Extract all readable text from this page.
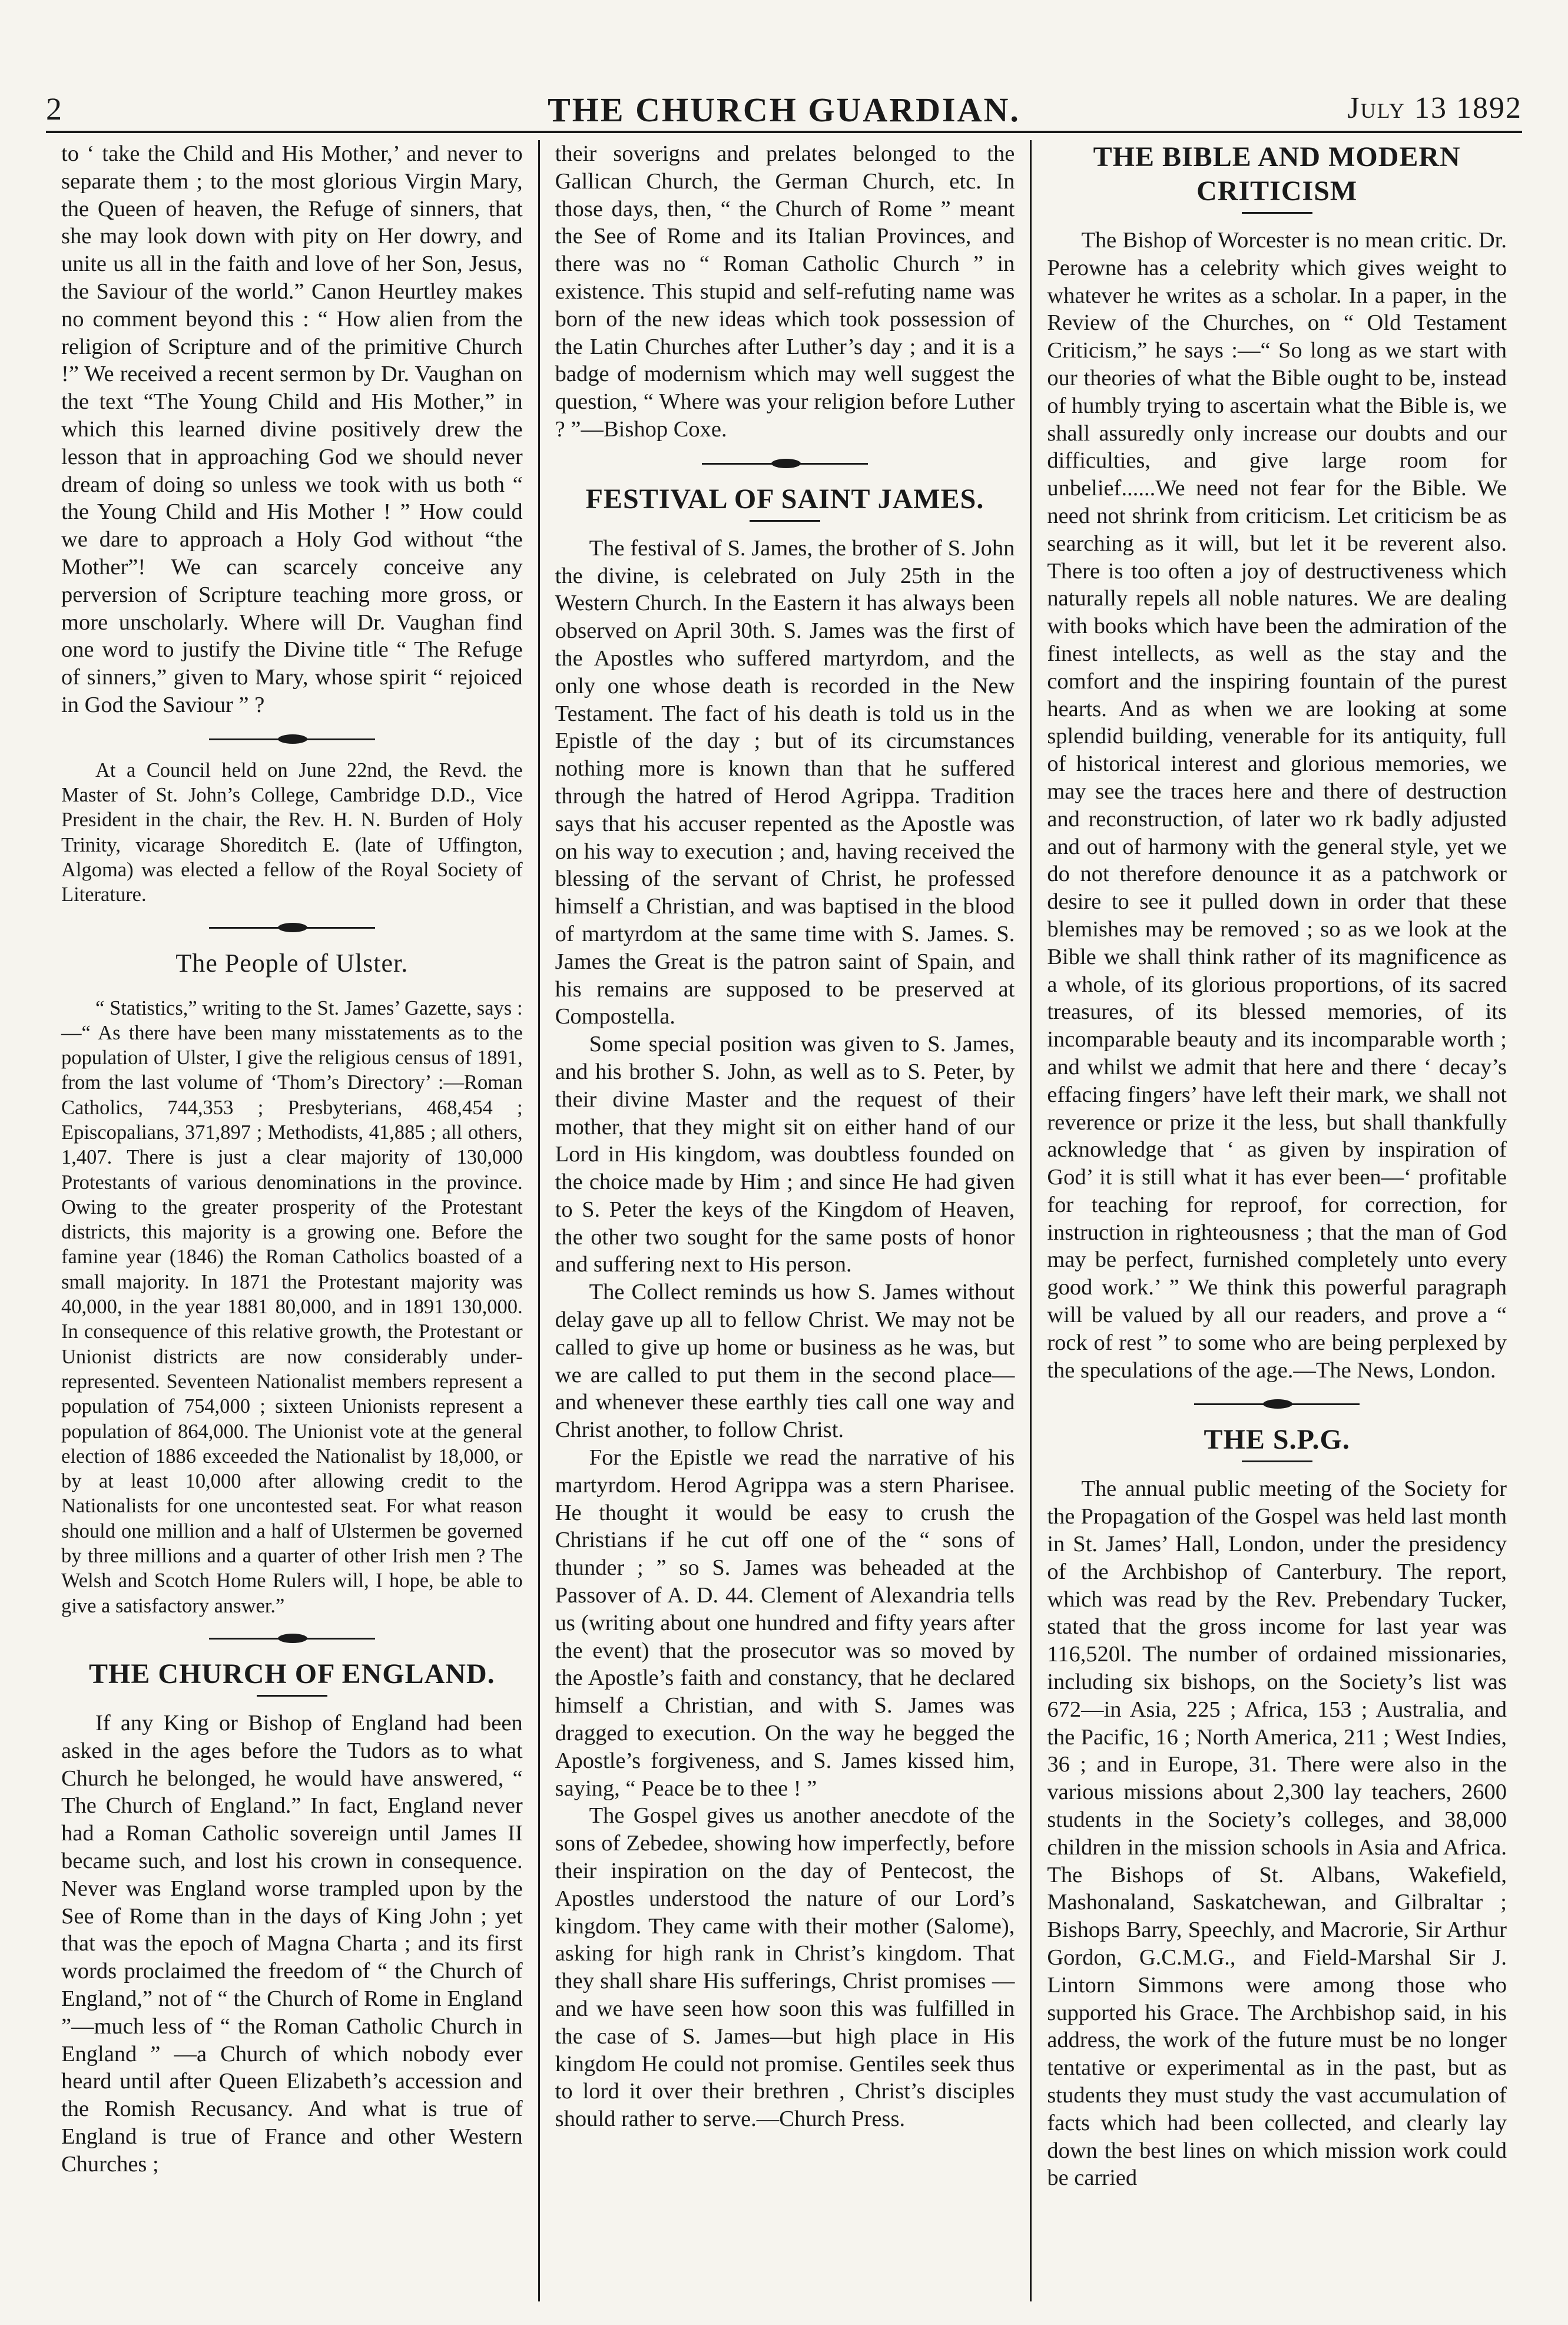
2	THE CHURCH GUARDIAN.	July 13 1892

to ‘ take the Child and His Mother,’ and never to separate them ; to the most glorious Virgin Mary, the Queen of heaven, the Refuge of sinners, that she may look down with pity on Her dowry, and unite us all in the faith and love of her Son, Jesus, the Saviour of the world.” Canon Heurtley makes no comment beyond this : “ How alien from the religion of Scripture and of the primitive Church !” We received a recent sermon by Dr. Vaughan on the text “The Young Child and His Mother,” in which this learned divine positively drew the lesson that in approaching God we should never dream of doing so unless we took with us both “ the Young Child and His Mother ! ” How could we dare to approach a Holy God without “the Mother”! We can scarcely conceive any perversion of Scripture teaching more gross, or more unscholarly. Where will Dr. Vaughan find one word to justify the Divine title “ The Refuge of sinners,” given to Mary, whose spirit “ rejoiced in God the Saviour ” ?

At a Council held on June 22nd, the Revd. the Master of St. John’s College, Cambridge D.D., Vice President in the chair, the Rev. H. N. Burden of Holy Trinity, vicarage Shoreditch E. (late of Uffington, Algoma) was elected a fellow of the Royal Society of Literature.

The People of Ulster.

“ Statistics,” writing to the St. James’ Gazette, says :—“ As there have been many misstatements as to the population of Ulster, I give the religious census of 1891, from the last volume of ‘Thom’s Directory’ :—Roman Catholics, 744,353 ; Presbyterians, 468,454 ; Episcopalians, 371,897 ; Methodists, 41,885 ; all others, 1,407. There is just a clear majority of 130,000 Protestants of various denominations in the province. Owing to the greater prosperity of the Protestant districts, this majority is a growing one. Before the famine year (1846) the Roman Catholics boasted of a small majority. In 1871 the Protestant majority was 40,000, in the year 1881 80,000, and in 1891 130,000. In consequence of this relative growth, the Protestant or Unionist districts are now considerably under-represented. Seventeen Nationalist members represent a population of 754,000 ; sixteen Unionists represent a population of 864,000. The Unionist vote at the general election of 1886 exceeded the Nationalist by 18,000, or by at least 10,000 after allowing credit to the Nationalists for one uncontested seat. For what reason should one million and a half of Ulstermen be governed by three millions and a quarter of other Irish men ? The Welsh and Scotch Home Rulers will, I hope, be able to give a satisfactory answer.”

THE CHURCH OF ENGLAND.

If any King or Bishop of England had been asked in the ages before the Tudors as to what Church he belonged, he would have answered, “ The Church of England.” In fact, England never had a Roman Catholic sovereign until James II became such, and lost his crown in consequence. Never was England worse trampled upon by the See of Rome than in the days of King John ; yet that was the epoch of Magna Charta ; and its first words proclaimed the freedom of “ the Church of England,” not of “ the Church of Rome in England ”—much less of “ the Roman Catholic Church in England ” —a Church of which nobody ever heard until after Queen Elizabeth’s accession and the Romish Recusancy. And what is true of England is true of France and other Western Churches ;

their soverigns and prelates belonged to the Gallican Church, the German Church, etc. In those days, then, “ the Church of Rome ” meant the See of Rome and its Italian Provinces, and there was no “ Roman Catholic Church ” in existence. This stupid and self-refuting name was born of the new ideas which took possession of the Latin Churches after Luther’s day ; and it is a badge of modernism which may well suggest the question, “ Where was your religion before Luther ? ”—Bishop Coxe.

FESTIVAL OF SAINT JAMES.

The festival of S. James, the brother of S. John the divine, is celebrated on July 25th in the Western Church. In the Eastern it has always been observed on April 30th. S. James was the first of the Apostles who suffered martyrdom, and the only one whose death is recorded in the New Testament. The fact of his death is told us in the Epistle of the day ; but of its circumstances nothing more is known than that he suffered through the hatred of Herod Agrippa. Tradition says that his accuser repented as the Apostle was on his way to execution ; and, having received the blessing of the servant of Christ, he professed himself a Christian, and was baptised in the blood of martyrdom at the same time with S. James. S. James the Great is the patron saint of Spain, and his remains are supposed to be preserved at Compostella.

Some special position was given to S. James, and his brother S. John, as well as to S. Peter, by their divine Master and the request of their mother, that they might sit on either hand of our Lord in His kingdom, was doubtless founded on the choice made by Him ; and since He had given to S. Peter the keys of the Kingdom of Heaven, the other two sought for the same posts of honor and suffering next to His person.

The Collect reminds us how S. James without delay gave up all to fellow Christ. We may not be called to give up home or business as he was, but we are called to put them in the second place—and whenever these earthly ties call one way and Christ another, to follow Christ.

For the Epistle we read the narrative of his martyrdom. Herod Agrippa was a stern Pharisee. He thought it would be easy to crush the Christians if he cut off one of the “ sons of thunder ; ” so S. James was beheaded at the Passover of A. D. 44. Clement of Alexandria tells us (writing about one hundred and fifty years after the event) that the prosecutor was so moved by the Apostle’s faith and constancy, that he declared himself a Christian, and with S. James was dragged to execution. On the way he begged the Apostle’s forgiveness, and S. James kissed him, saying, “ Peace be to thee ! ”

The Gospel gives us another anecdote of the sons of Zebedee, showing how imperfectly, before their inspiration on the day of Pentecost, the Apostles understood the nature of our Lord’s kingdom. They came with their mother (Salome), asking for high rank in Christ’s kingdom. That they shall share His sufferings, Christ promises —and we have seen how soon this was fulfilled in the case of S. James—but high place in His kingdom He could not promise. Gentiles seek thus to lord it over their brethren , Christ’s disciples should rather to serve.—Church Press.

THE BIBLE AND MODERN CRITICISM

The Bishop of Worcester is no mean critic. Dr. Perowne has a celebrity which gives weight to whatever he writes as a scholar. In a paper, in the Review of the Churches, on “ Old Testament Criticism,” he says :—“ So long as we start with our theories of what the Bible ought to be, instead of humbly trying to ascertain what the Bible is, we shall assuredly only increase our doubts and our difficulties, and give large room for unbelief......We need not fear for the Bible. We need not shrink from criticism. Let criticism be as searching as it will, but let it be reverent also. There is too often a joy of destructiveness which naturally repels all noble natures. We are dealing with books which have been the admiration of the finest intellects, as well as the stay and the comfort and the inspiring fountain of the purest hearts. And as when we are looking at some splendid building, venerable for its antiquity, full of historical interest and glorious memories, we may see the traces here and there of destruction and reconstruction, of later wo rk badly adjusted and out of harmony with the general style, yet we do not therefore denounce it as a patchwork or desire to see it pulled down in order that these blemishes may be removed ; so as we look at the Bible we shall think rather of its magnificence as a whole, of its glorious proportions, of its sacred treasures, of its blessed memories, of its incomparable beauty and its incomparable worth ; and whilst we admit that here and there ‘ decay’s effacing fingers’ have left their mark, we shall not reverence or prize it the less, but shall thankfully acknowledge that ‘ as given by inspiration of God’ it is still what it has ever been—‘ profitable for teaching for reproof, for correction, for instruction in righteousness ; that the man of God may be perfect, furnished completely unto every good work.’ ” We think this powerful paragraph will be valued by all our readers, and prove a “ rock of rest ” to some who are being perplexed by the speculations of the age.—The News, London.

THE S.P.G.

The annual public meeting of the Society for the Propagation of the Gospel was held last month in St. James’ Hall, London, under the presidency of the Archbishop of Canterbury. The report, which was read by the Rev. Prebendary Tucker, stated that the gross income for last year was 116,520l. The number of ordained missionaries, including six bishops, on the Society’s list was 672—in Asia, 225 ; Africa, 153 ; Australia, and the Pacific, 16 ; North America, 211 ; West Indies, 36 ; and in Europe, 31. There were also in the various missions about 2,300 lay teachers, 2600 students in the Society’s colleges, and 38,000 children in the mission schools in Asia and Africa. The Bishops of St. Albans, Wakefield, Mashonaland, Saskatchewan, and Gilbraltar ; Bishops Barry, Speechly, and Macrorie, Sir Arthur Gordon, G.C.M.G., and Field-Marshal Sir J. Lintorn Simmons were among those who supported his Grace. The Archbishop said, in his address, the work of the future must be no longer tentative or experimental as in the past, but as students they must study the vast accumulation of facts which had been collected, and clearly lay down the best lines on which mission work could be carried
